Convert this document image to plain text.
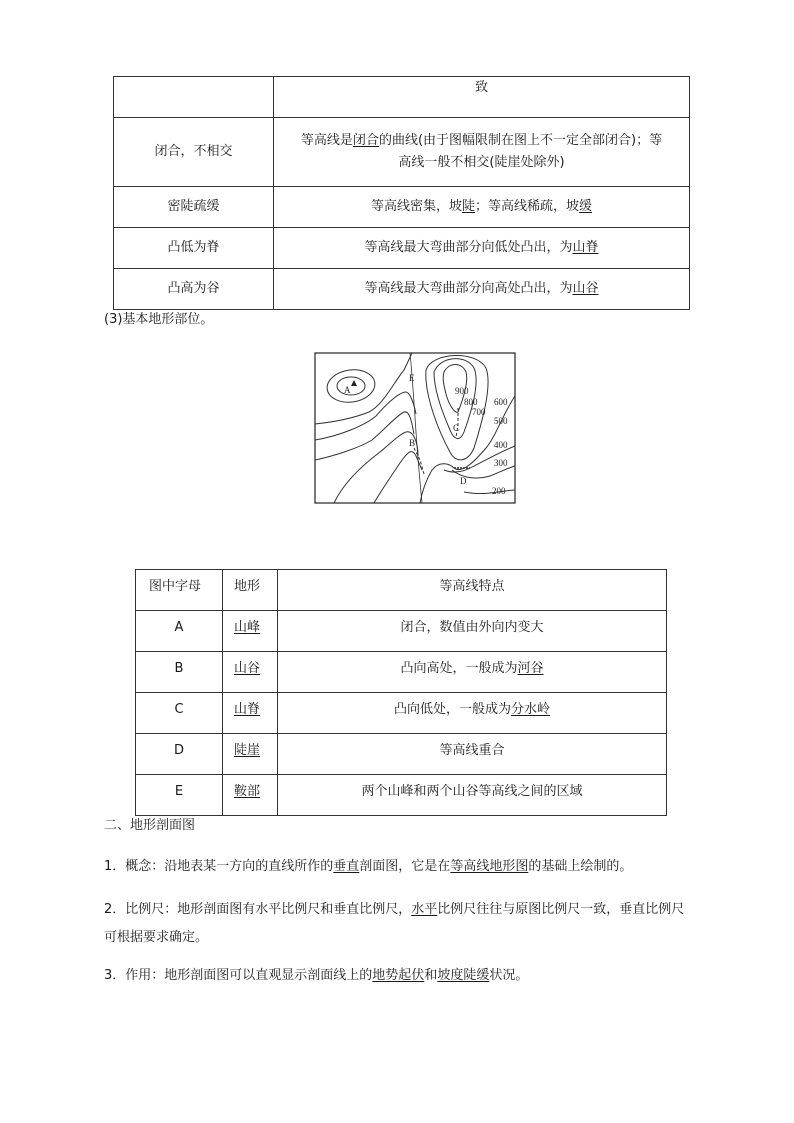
	致
闭合，不相交	等高线是闭合的曲线(由于图幅限制在图上不一定全部闭合)；等
高线一般不相交(陡崖处除外)
密陡疏缓	等高线密集，坡陡；等高线稀疏，坡缓
凸低为脊	等高线最大弯曲部分向低处凸出，为山脊
凸高为谷	等高线最大弯曲部分向高处凸出，为山谷

(3)基本地形部位。

A
B
C
D
E
900
800
700
600
500
400
300
200
图中字母	地形	等高线特点
A	山峰	闭合，数值由外向内变大
B	山谷	凸向高处，一般成为河谷
C	山脊	凸向低处，一般成为分水岭
D	陡崖	等高线重合
E	鞍部	两个山峰和两个山谷等高线之间的区域

二、地形剖面图

1．概念：沿地表某一方向的直线所作的垂直剖面图，它是在等高线地形图的基础上绘制的。

2．比例尺：地形剖面图有水平比例尺和垂直比例尺，水平比例尺往往与原图比例尺一致，垂直比例尺
可根据要求确定。

3．作用：地形剖面图可以直观显示剖面线上的地势起伏和坡度陡缓状况。
